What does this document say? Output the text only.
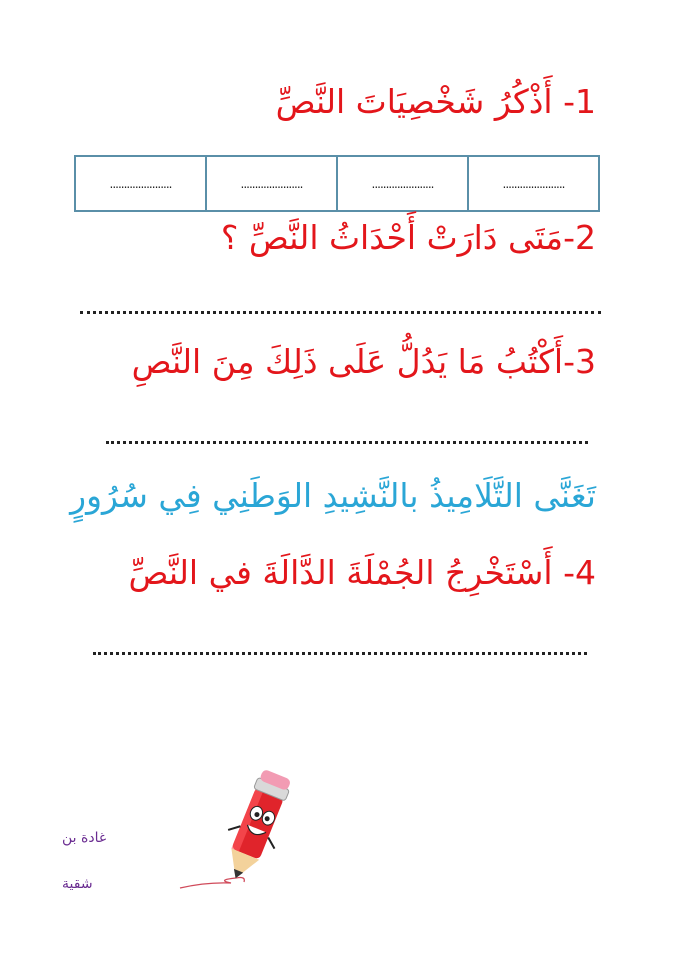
1- أَذْكُرُ شَخْصِيَاتَ النَّصِّ
......................	......................	......................	......................
2-مَتَى دَارَتْ أَحْدَاثُ النَّصِّ ؟
3-أَكْتُبُ مَا يَدُلُّ عَلَى ذَلِكَ مِنَ النَّصِ
تَغَنَّى التَّلَامِيذُ بالنَّشِيدِ الوَطَنِي فِي سُرُورٍ
4- أَسْتَخْرِجُ الجُمْلَةَ الدَّالَةَ في النَّصِّ
غادة بن
شقية
